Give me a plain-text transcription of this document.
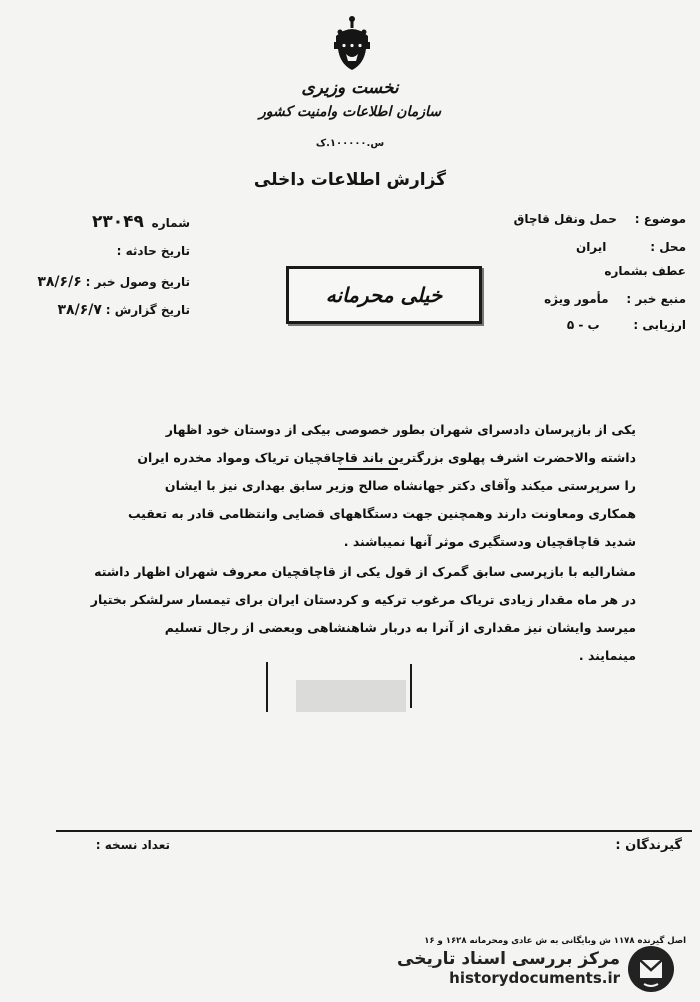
نخست وزیری
سازمان اطلاعات وامنیت کشور
س.۱۰۰۰۰۰.ک
گزارش اطلاعات داخلی
موضوع : حمل ونقل قاچاق
محل : ایران
عطف بشماره
منبع خبر : مأمور ویژه
ارزیابی : ب - ۵
شماره ۲۳۰۴۹
تاریخ حادثه :
تاریخ وصول خبر : ۳۸/۶/۶
تاریخ گزارش : ۳۸/۶/۷
خیلی محرمانه
یکی از بازپرسان دادسرای شهران بطور خصوصی بیکی از دوستان خود اظهار
داشته والاحضرت اشرف پهلوی بزرگترین باند قاچاقچیان تریاک ومواد مخدره ایران
را سرپرستی میکند وآقای دکتر جهانشاه صالح وزیر سابق بهداری نیز با ایشان
همکاری ومعاونت دارند وهمچنین جهت دستگاههای قضایی وانتظامی قادر به تعقیب
شدید قاچاقچیان ودستگیری موثر آنها نمیباشند .
مشارالیه با بازپرسی سابق گمرک از قول یکی از قاچاقچیان معروف شهران اظهار داشته
در هر ماه مقدار زیادی تریاک مرغوب ترکیه و کردستان ایران برای تیمسار سرلشکر بختیار
میرسد وایشان نیز مقداری از آنرا به دربار شاهنشاهی وبعضی از رجال تسلیم
مینمایند .
گیرندگان :
تعداد نسخه :
اصل گیرنده ۱۱۷۸ ش وبایگانی به ش عادی ومحرمانه ۱۶۲۸ و ۱۶
مرکز بررسی اسناد تاریخی
historydocuments.ir
